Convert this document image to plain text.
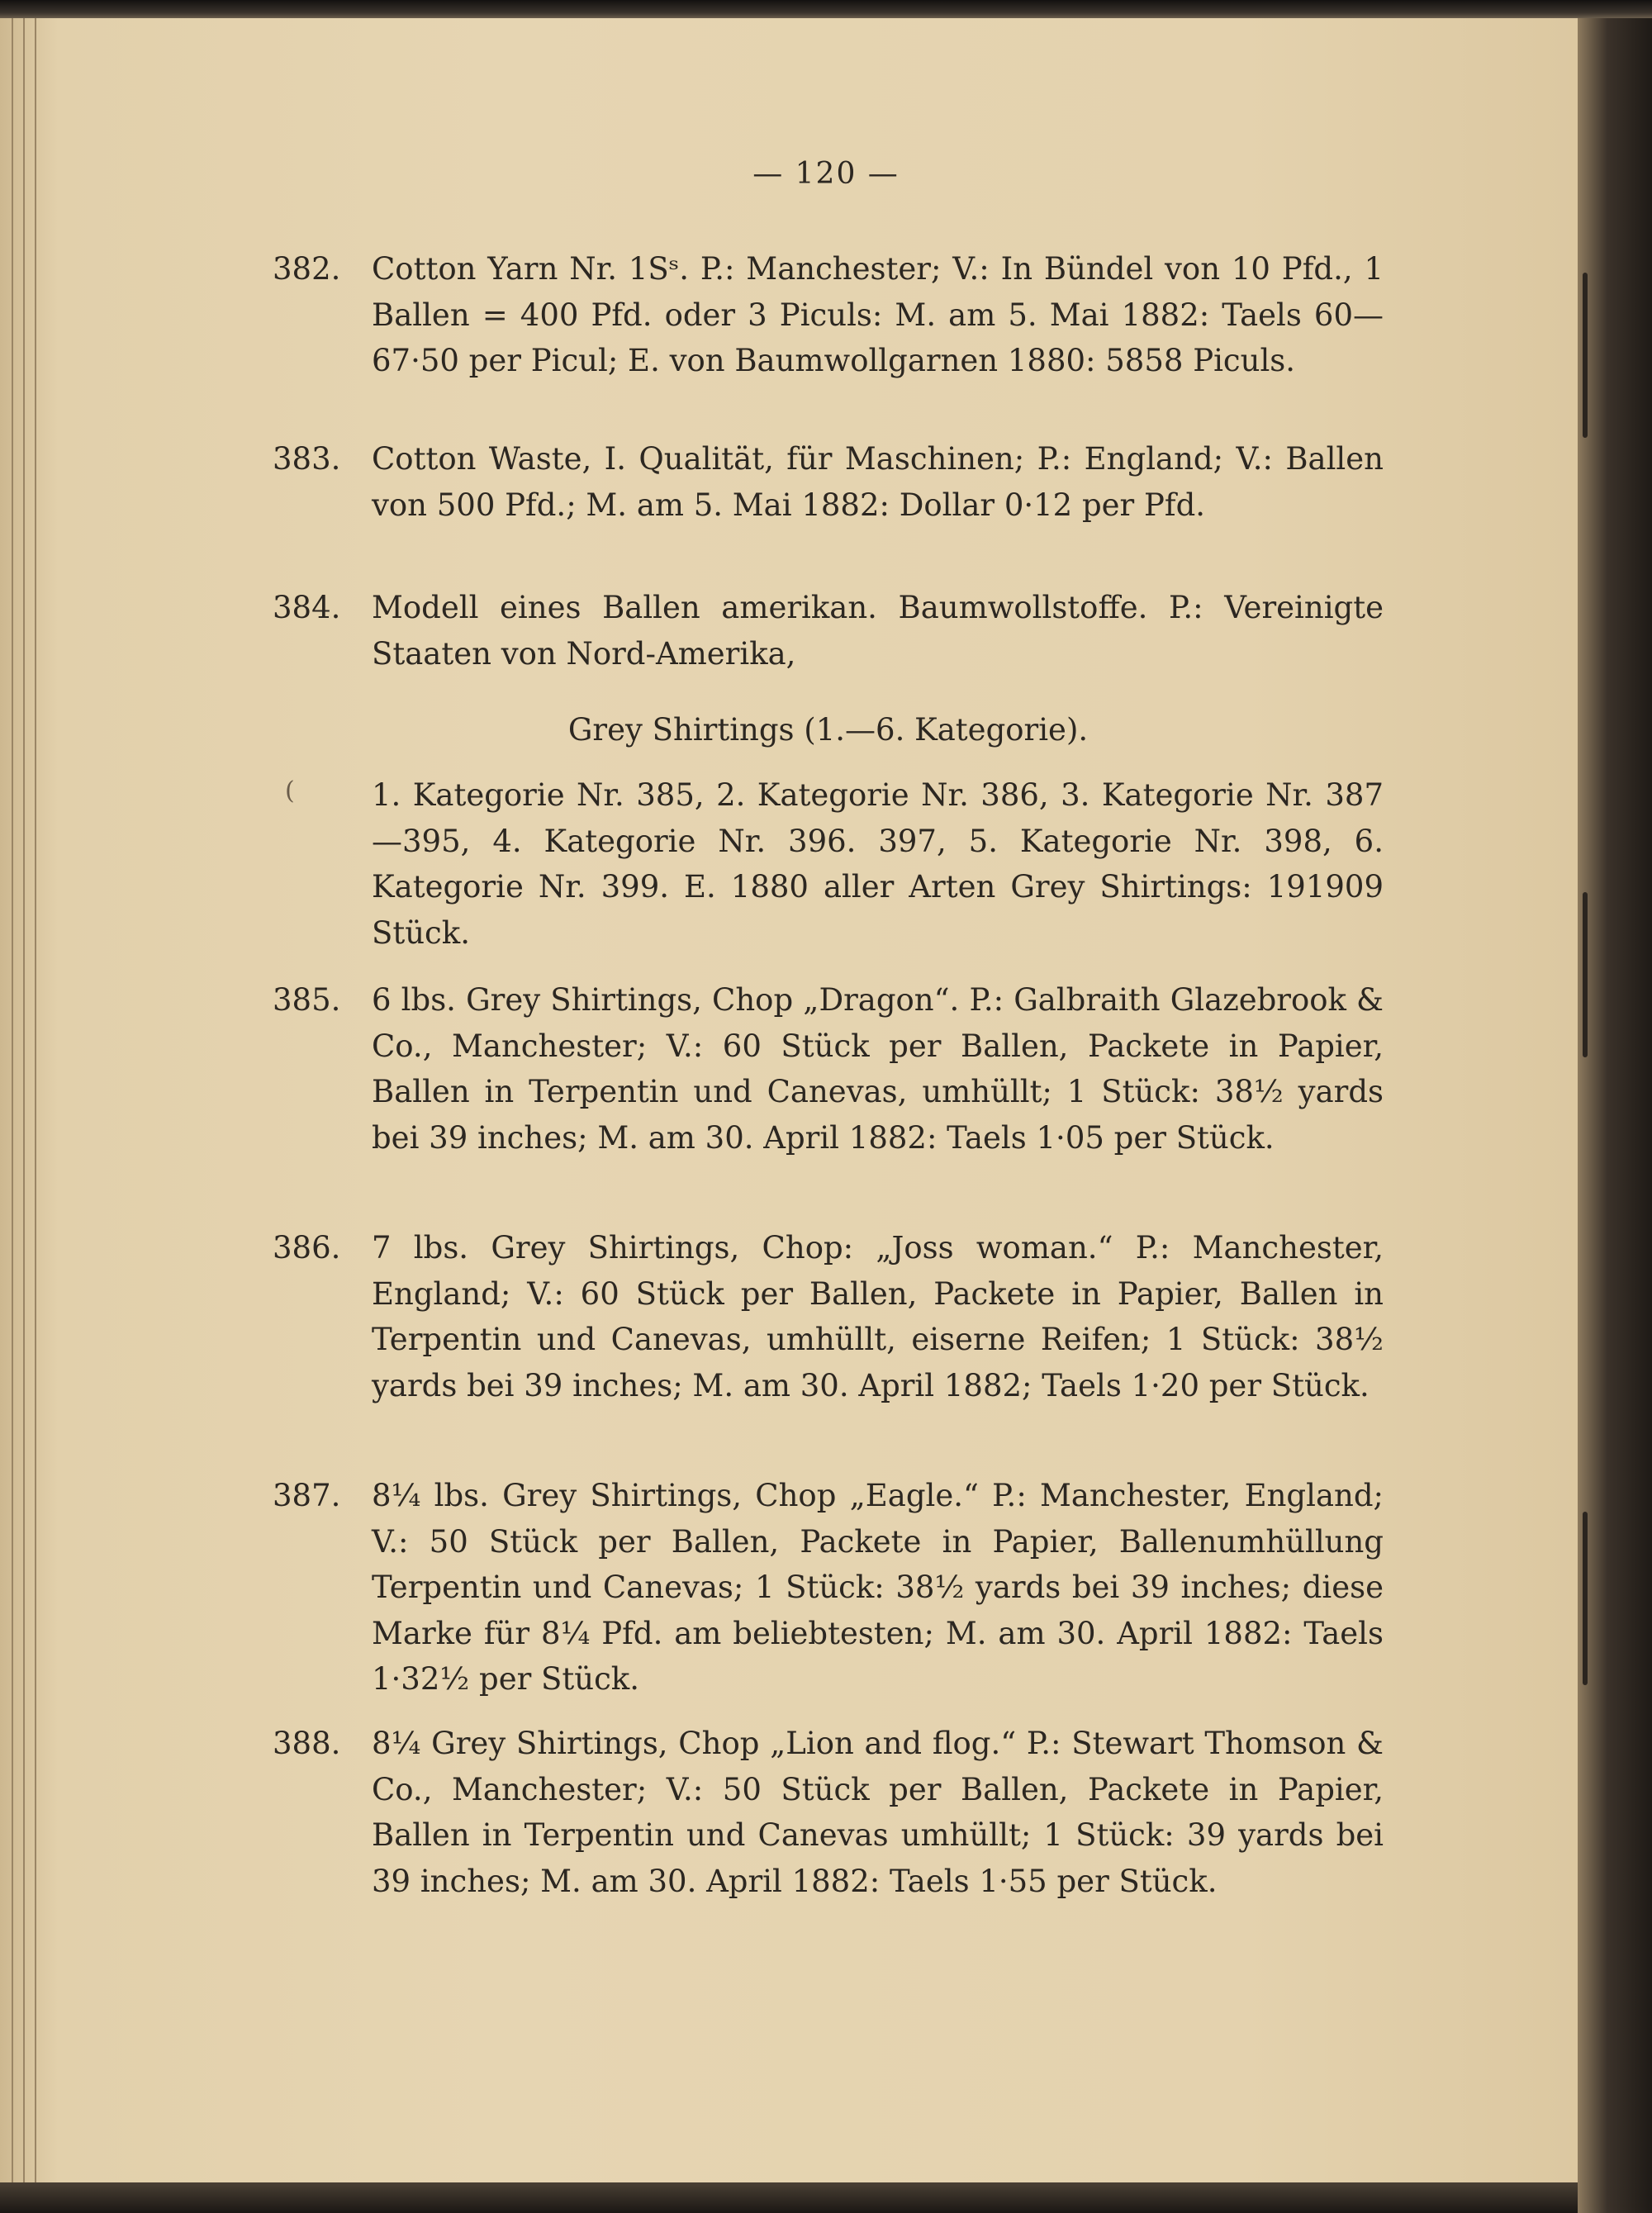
— 120 —
382.	Cotton Yarn Nr. 1Sˢ. P.: Manchester; V.: In Bündel von 10 Pfd., 1 Ballen = 400 Pfd. oder 3 Piculs: M. am 5. Mai 1882: Taels 60—67·50 per Picul; E. von Baumwollgarnen 1880: 5858 Piculs.
383.	Cotton Waste, I. Qualität, für Maschinen; P.: England; V.: Ballen von 500 Pfd.; M. am 5. Mai 1882: Dollar 0·12 per Pfd.
384.	Modell eines Ballen amerikan. Baumwollstoffe. P.: Vereinigte Staaten von Nord-Amerika,
Grey Shirtings (1.—6. Kategorie).
(	1. Kategorie Nr. 385, 2. Kategorie Nr. 386, 3. Kategorie Nr. 387—395, 4. Kategorie Nr. 396. 397, 5. Kategorie Nr. 398, 6. Kategorie Nr. 399. E. 1880 aller Arten Grey Shirtings: 191909 Stück.
385.	6 lbs. Grey Shirtings, Chop „Dragon“. P.: Galbraith Glazebrook & Co., Manchester; V.: 60 Stück per Ballen, Packete in Papier, Ballen in Terpentin und Canevas, umhüllt; 1 Stück: 38½ yards bei 39 inches; M. am 30. April 1882: Taels 1·05 per Stück.
386.	7 lbs. Grey Shirtings, Chop: „Joss woman.“ P.: Manchester, England; V.: 60 Stück per Ballen, Packete in Papier, Ballen in Terpentin und Canevas, umhüllt, eiserne Reifen; 1 Stück: 38½ yards bei 39 inches; M. am 30. April 1882; Taels 1·20 per Stück.
387.	8¼ lbs. Grey Shirtings, Chop „Eagle.“ P.: Manchester, England; V.: 50 Stück per Ballen, Packete in Papier, Ballenumhüllung Terpentin und Canevas; 1 Stück: 38½ yards bei 39 inches; diese Marke für 8¼ Pfd. am beliebtesten; M. am 30. April 1882: Taels 1·32½ per Stück.
388.	8¼ Grey Shirtings, Chop „Lion and flog.“ P.: Stewart Thomson & Co., Manchester; V.: 50 Stück per Ballen, Packete in Papier, Ballen in Terpentin und Canevas umhüllt; 1 Stück: 39 yards bei 39 inches; M. am 30. April 1882: Taels 1·55 per Stück.
